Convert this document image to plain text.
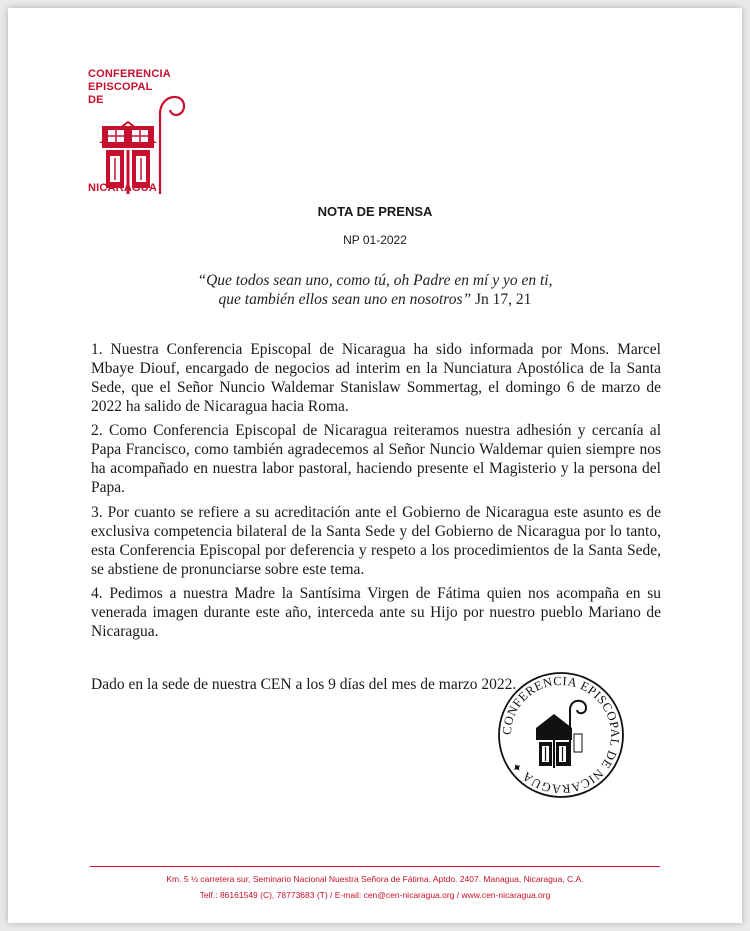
CONFERENCIA
EPISCOPAL
DE
NICARAGUA
NOTA DE PRENSA
NP 01-2022
“Que todos sean uno, como tú, oh Padre en mí y yo en ti,
que también ellos sean uno en nosotros” Jn 17, 21
1. Nuestra Conferencia Episcopal de Nicaragua ha sido informada por Mons. Marcel Mbaye Diouf, encargado de negocios ad interim en la Nunciatura Apostólica de la Santa Sede, que el Señor Nuncio Waldemar Stanislaw Sommertag, el domingo 6 de marzo de 2022 ha salido de Nicaragua hacia Roma.
2. Como Conferencia Episcopal de Nicaragua reiteramos nuestra adhesión y cercanía al Papa Francisco, como también agradecemos al Señor Nuncio Waldemar quien siempre nos ha acompañado en nuestra labor pastoral, haciendo presente el Magisterio y la persona del Papa.
3. Por cuanto se refiere a su acreditación ante el Gobierno de Nicaragua este asunto es de exclusiva competencia bilateral de la Santa Sede y del Gobierno de Nicaragua por lo tanto, esta Conferencia Episcopal por deferencia y respeto a los procedimientos de la Santa Sede, se abstiene de pronunciarse sobre este tema.
4. Pedimos a nuestra Madre la Santísima Virgen de Fátima quien nos acompaña en su venerada imagen durante este año, interceda ante su Hijo por nuestro pueblo Mariano de Nicaragua.
Dado en la sede de nuestra CEN a los 9 días del mes de marzo 2022.
CONFERENCIA EPISCOPAL DE NICARAGUA ✦
Km. 5 ½ carretera sur, Seminario Nacional Nuestra Señora de Fátima. Aptdo. 2407. Managua, Nicaragua, C.A.
Telf.: 86161549 (C), 78773683 (T) / E-mail: cen@cen-nicaragua.org / www.cen-nicaragua.org
